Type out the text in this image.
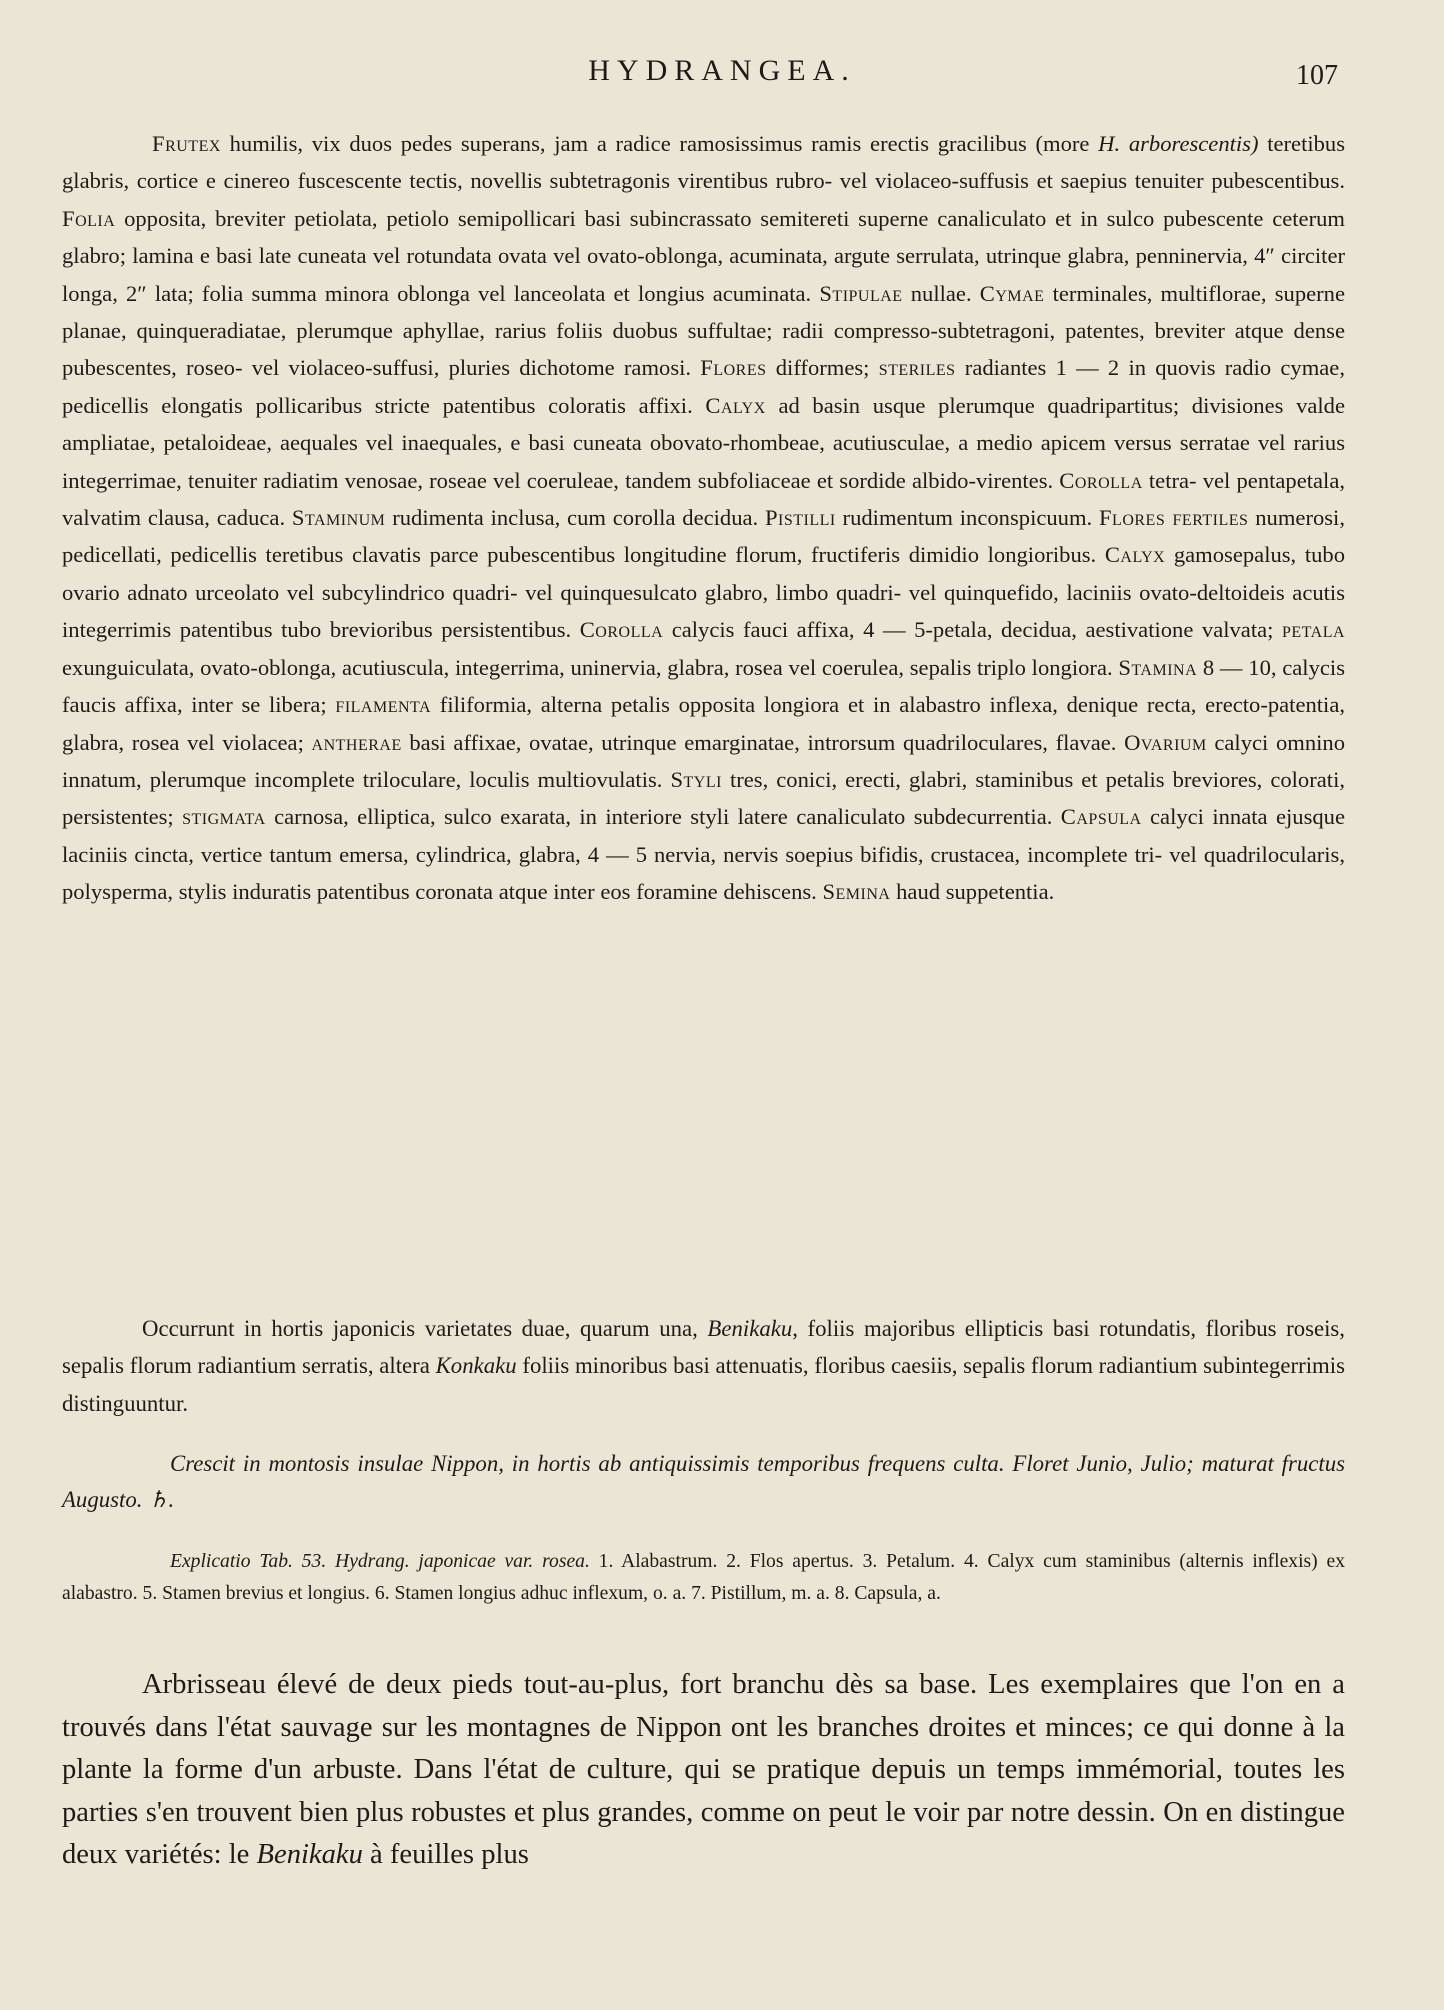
HYDRANGEA.	107

Frutex humilis, vix duos pedes superans, jam a radice ramosissimus ramis erectis gracilibus (more H. arborescentis) teretibus glabris, cortice e cinereo fuscescente tectis, novellis subtetragonis virentibus rubro- vel violaceo-suffusis et saepius tenuiter pubescentibus. Folia opposita, breviter petiolata, petiolo semipollicari basi subincrassato semitereti superne canaliculato et in sulco pubescente ceterum glabro; lamina e basi late cuneata vel rotundata ovata vel ovato-oblonga, acuminata, argute serrulata, utrinque glabra, penninervia, 4″ circiter longa, 2″ lata; folia summa minora oblonga vel lanceolata et longius acuminata. Stipulae nullae. Cymae terminales, multiflorae, superne planae, quinqueradiatae, plerumque aphyllae, rarius foliis duobus suffultae; radii compresso-subtetragoni, patentes, breviter atque dense pubescentes, roseo- vel violaceo-suffusi, pluries dichotome ramosi. Flores difformes; steriles radiantes 1 — 2 in quovis radio cymae, pedicellis elongatis pollicaribus stricte patentibus coloratis affixi. Calyx ad basin usque plerumque quadripartitus; divisiones valde ampliatae, petaloideae, aequales vel inaequales, e basi cuneata obovato-rhombeae, acutiusculae, a medio apicem versus serratae vel rarius integerrimae, tenuiter radiatim venosae, roseae vel coeruleae, tandem subfoliaceae et sordide albido-virentes. Corolla tetra- vel pentapetala, valvatim clausa, caduca. Staminum rudimenta inclusa, cum corolla decidua. Pistilli rudimentum inconspicuum. Flores fertiles numerosi, pedicellati, pedicellis teretibus clavatis parce pubescentibus longitudine florum, fructiferis dimidio longioribus. Calyx gamosepalus, tubo ovario adnato urceolato vel subcylindrico quadri- vel quinquesulcato glabro, limbo quadri- vel quinquefido, laciniis ovato-deltoideis acutis integerrimis patentibus tubo brevioribus persistentibus. Corolla calycis fauci affixa, 4 — 5-petala, decidua, aestivatione valvata; petala exunguiculata, ovato-oblonga, acutiuscula, integerrima, uninervia, glabra, rosea vel coerulea, sepalis triplo longiora. Stamina 8 — 10, calycis faucis affixa, inter se libera; filamenta filiformia, alterna petalis opposita longiora et in alabastro inflexa, denique recta, erecto-patentia, glabra, rosea vel violacea; antherae basi affixae, ovatae, utrinque emarginatae, introrsum quadriloculares, flavae. Ovarium calyci omnino innatum, plerumque incomplete triloculare, loculis multiovulatis. Styli tres, conici, erecti, glabri, staminibus et petalis breviores, colorati, persistentes; stigmata carnosa, elliptica, sulco exarata, in interiore styli latere canaliculato subdecurrentia. Capsula calyci innata ejusque laciniis cincta, vertice tantum emersa, cylindrica, glabra, 4 — 5 nervia, nervis soepius bifidis, crustacea, incomplete tri- vel quadrilocularis, polysperma, stylis induratis patentibus coronata atque inter eos foramine dehiscens. Semina haud suppetentia.

Occurrunt in hortis japonicis varietates duae, quarum una, Benikaku, foliis majoribus ellipticis basi rotundatis, floribus roseis, sepalis florum radiantium serratis, altera Konkaku foliis minoribus basi attenuatis, floribus caesiis, sepalis florum radiantium subintegerrimis distinguuntur.

Crescit in montosis insulae Nippon, in hortis ab antiquissimis temporibus frequens culta. Floret Junio, Julio; maturat fructus Augusto. ♄.

Explicatio Tab. 53. Hydrang. japonicae var. rosea. 1. Alabastrum. 2. Flos apertus. 3. Petalum. 4. Calyx cum staminibus (alternis inflexis) ex alabastro. 5. Stamen brevius et longius. 6. Stamen longius adhuc inflexum, o. a. 7. Pistillum, m. a. 8. Capsula, a.

Arbrisseau élevé de deux pieds tout-au-plus, fort branchu dès sa base. Les exemplaires que l'on en a trouvés dans l'état sauvage sur les montagnes de Nippon ont les branches droites et minces; ce qui donne à la plante la forme d'un arbuste. Dans l'état de culture, qui se pratique depuis un temps immémorial, toutes les parties s'en trouvent bien plus robustes et plus grandes, comme on peut le voir par notre dessin. On en distingue deux variétés: le Benikaku à feuilles plus
